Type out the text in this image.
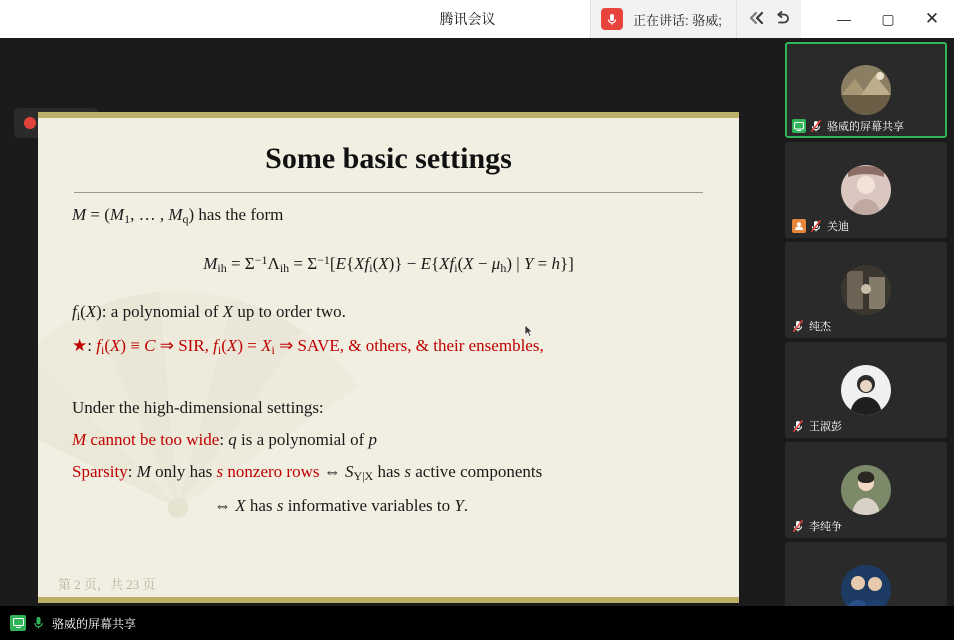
腾讯会议	正在讲话: 骆威;	—	▢	✕
Some basic settings
$M = (M_1$, … , $M_q$) has the form
$M_{ih} = \Sigma^{-1}\Lambda_{ih} = \Sigma^{-1}[E\{Xf_i(X)\} - E\{Xf_i(X - \mu_h)$ | Y = h}]
$f_i(X)$: a polynomial of X up to order two.
★: $f_i(X) \equiv C$ ⇒ SIR, $f_i(X) = X_i$ ⇒ SAVE, & others, & their ensembles,
Under the high-dimensional settings:
M cannot be too wide: q is a polynomial of p
Sparsity: M only has s nonzero rows ⇔ $S_{Y|X}$ has s active components
⇔ X has s informative variables to Y.
第 2 页，共 23 页
骆威的屏幕共享
关迪
纯杰
王淑彭
李纯争
骆威的屏幕共享
